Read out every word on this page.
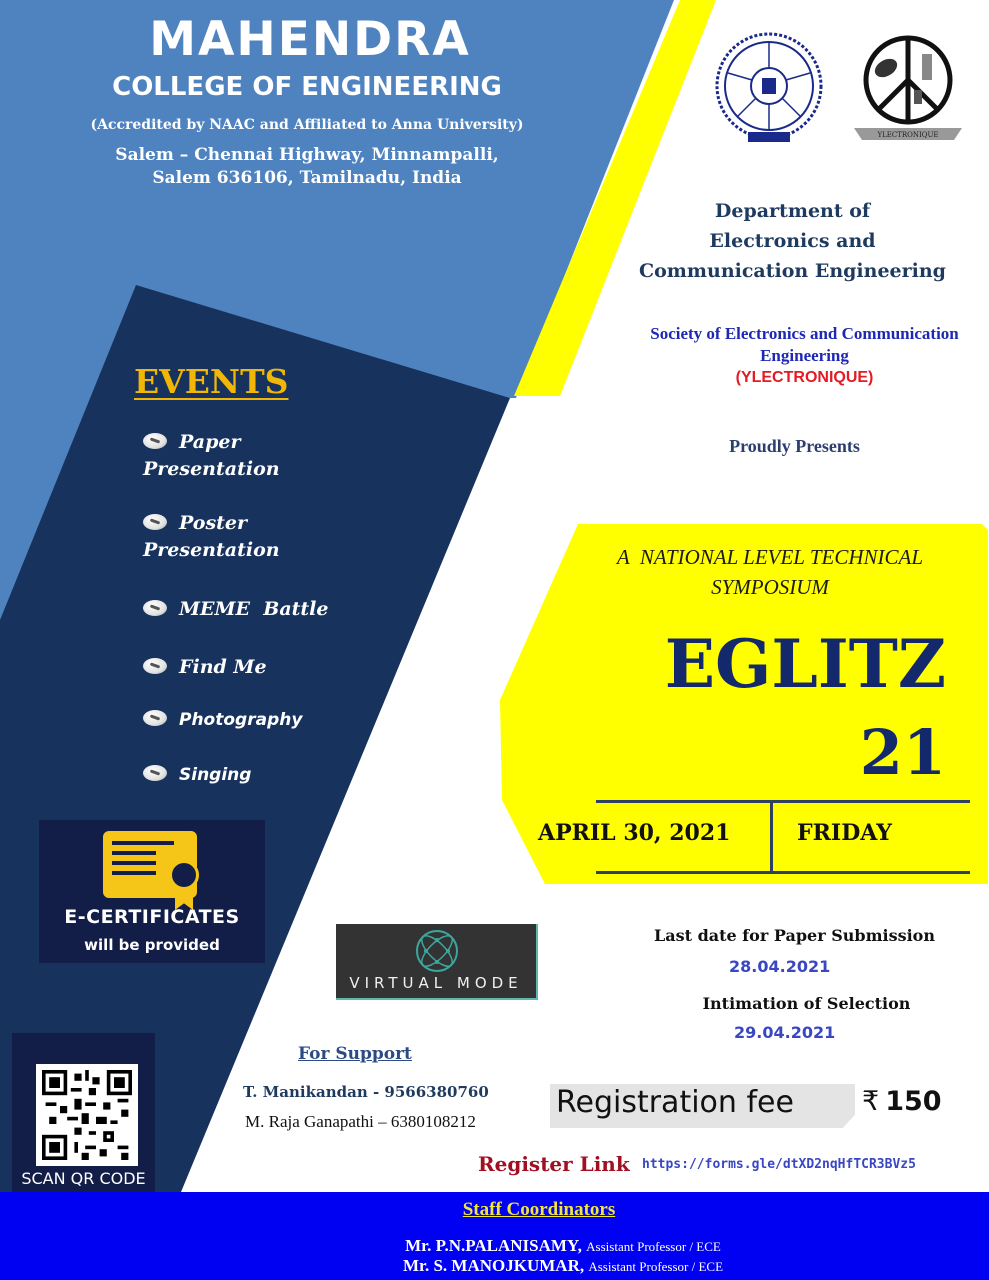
MAHENDRA
COLLEGE OF ENGINEERING
(Accredited by NAAC and Affiliated to Anna University)
Salem – Chennai Highway, Minnampalli,
Salem 636106, Tamilnadu, India
YLECTRONIQUE
Department of
Electronics and
Communication Engineering
Society of Electronics and Communication
Engineering
(YLECTRONIQUE)
Proudly Presents
EVENTS
Paper
Presentation
Poster
Presentation
MEME  Battle
Find Me
Photography
Singing
E-CERTIFICATES
will be provided
SCAN QR CODE
VIRTUAL MODE
A  NATIONAL LEVEL TECHNICAL
SYMPOSIUM
EGLITZ
21
APRIL 30, 2021	FRIDAY
Last date for Paper Submission
28.04.2021
Intimation of Selection
29.04.2021
For Support
T. Manikandan - 9566380760
M. Raja Ganapathi – 6380108212
Registration fee	₹ 150
Register Link https://forms.gle/dtXD2nqHfTCR3BVz5
Staff Coordinators
Mr. P.N.PALANISAMY, Assistant Professor / ECE
Mr. S. MANOJKUMAR, Assistant Professor / ECE
